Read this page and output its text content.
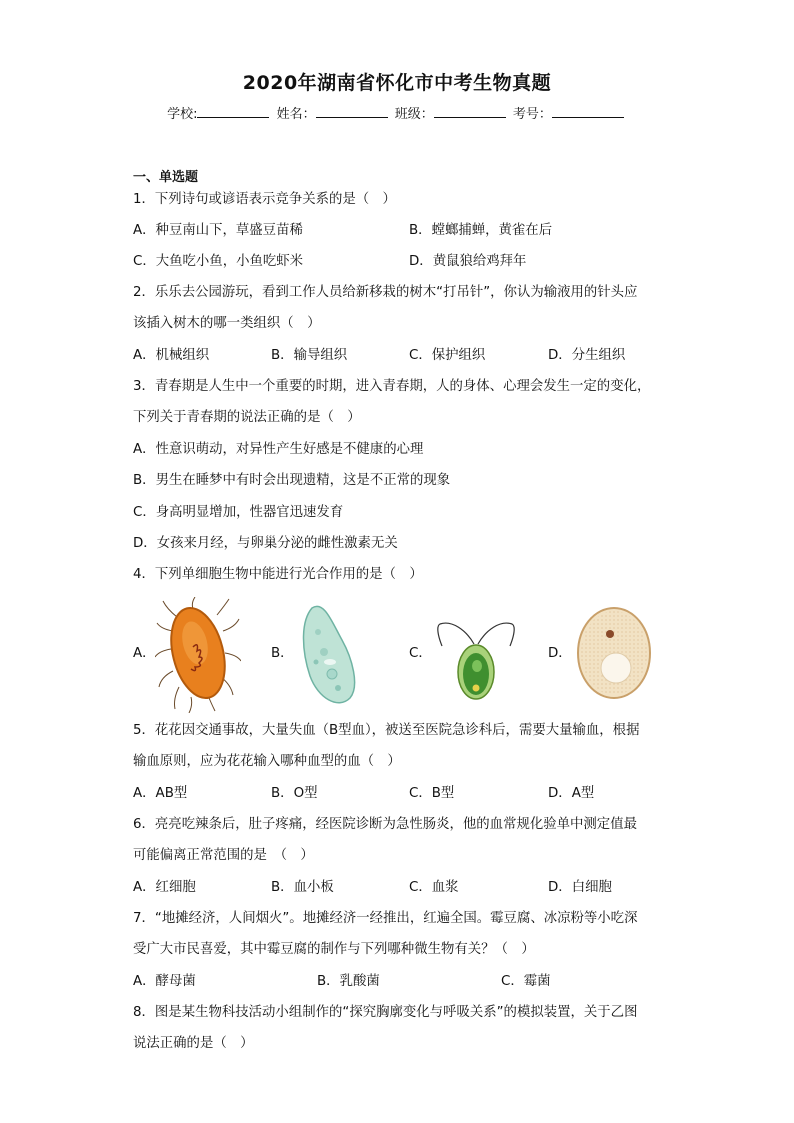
2020年湖南省怀化市中考生物真题
学校:	姓名：	班级：	考号：
一、单选题
1．下列诗句或谚语表示竞争关系的是（　）
A．种豆南山下，草盛豆苗稀	B．螳螂捕蝉，黄雀在后
C．大鱼吃小鱼，小鱼吃虾米	D．黄鼠狼给鸡拜年
2．乐乐去公园游玩，看到工作人员给新移栽的树木“打吊针”，你认为输液用的针头应
该插入树木的哪一类组织（　）
A．机械组织	B．输导组织	C．保护组织	D．分生组织
3．青春期是人生中一个重要的时期，进入青春期，人的身体、心理会发生一定的变化，
下列关于青春期的说法正确的是（　）
A．性意识萌动，对异性产生好感是不健康的心理
B．男生在睡梦中有时会出现遗精，这是不正常的现象
C．身高明显增加，性器官迅速发育
D．女孩来月经，与卵巢分泌的雌性激素无关
4．下列单细胞生物中能进行光合作用的是（　）
A．	B．	C．	D．
5．花花因交通事故，大量失血（B型血），被送至医院急诊科后，需要大量输血，根据
输血原则，应为花花输入哪种血型的血（　）
A．AB型	B．O型	C．B型	D．A型
6．亮亮吃辣条后，肚子疼痛，经医院诊断为急性肠炎，他的血常规化验单中测定值最
可能偏离正常范围的是　（　）
A．红细胞	B．血小板	C．血浆	D．白细胞
7．“地摊经济，人间烟火”。地摊经济一经推出，红遍全国。霉豆腐、冰凉粉等小吃深
受广大市民喜爱，其中霉豆腐的制作与下列哪种微生物有关？（　）
A．酵母菌	B．乳酸菌	C．霉菌
8．图是某生物科技活动小组制作的“探究胸廓变化与呼吸关系”的模拟装置，关于乙图
说法正确的是（　）
